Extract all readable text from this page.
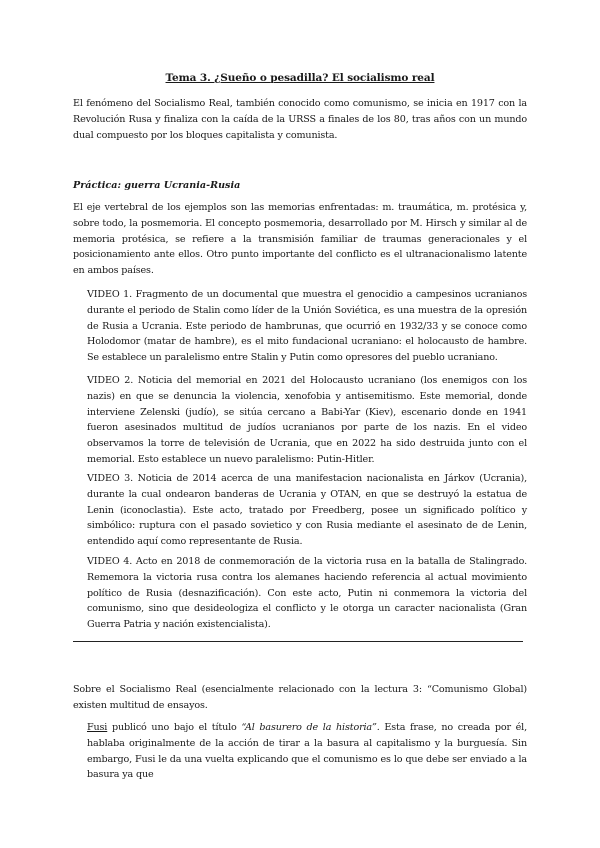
Tema 3. ¿Sueño o pesadilla? El socialismo real
El fenómeno del Socialismo Real, también conocido como comunismo, se inicia en 1917 con la Revolución Rusa y finaliza con la caída de la URSS a finales de los 80, tras años con un mundo dual compuesto por los bloques capitalista y comunista.
Práctica: guerra Ucrania-Rusia
El eje vertebral de los ejemplos son las memorias enfrentadas: m. traumática, m. protésica y, sobre todo, la posmemoria. El concepto posmemoria, desarrollado por M. Hirsch y similar al de memoria protésica, se refiere a la transmisión familiar de traumas generacionales y el posicionamiento ante ellos. Otro punto importante del conflicto es el ultranacionalismo latente en ambos países.
VIDEO 1. Fragmento de un documental que muestra el genocidio a campesinos ucranianos durante el periodo de Stalin como líder de la Unión Soviética, es una muestra de la opresión de Rusia a Ucrania. Este periodo de hambrunas, que ocurrió en 1932/33 y se conoce como Holodomor (matar de hambre), es el mito fundacional ucraniano: el holocausto de hambre. Se establece un paralelismo entre Stalin y Putin como opresores del pueblo ucraniano.
VIDEO 2. Noticia del memorial en 2021 del Holocausto ucraniano (los enemigos con los nazis) en que se denuncia la violencia, xenofobia y antisemitismo. Este memorial, donde interviene Zelenski (judío), se sitúa cercano a Babi-Yar (Kiev), escenario donde en 1941 fueron asesinados multitud de judíos ucranianos por parte de los nazis. En el video observamos la torre de televisión de Ucrania, que en 2022 ha sido destruida junto con el memorial. Esto establece un nuevo paralelismo: Putin-Hitler.
VIDEO 3. Noticia de 2014 acerca de una manifestacion nacionalista en Járkov (Ucrania), durante la cual ondearon banderas de Ucrania y OTAN, en que se destruyó la estatua de Lenin (iconoclastia). Este acto, tratado por Freedberg, posee un significado político y simbólico: ruptura con el pasado sovietico y con Rusia mediante el asesinato de de Lenin, entendido aquí como representante de Rusia.
VIDEO 4. Acto en 2018 de conmemoración de la victoria rusa en la batalla de Stalingrado. Rememora la victoria rusa contra los alemanes haciendo referencia al actual movimiento político de Rusia (desnazificación). Con este acto, Putin ni conmemora la victoria del comunismo, sino que desideologiza el conflicto y le otorga un caracter nacionalista (Gran Guerra Patria y nación existencialista).
Sobre el Socialismo Real (esencialmente relacionado con la lectura 3: “Comunismo Global) existen multitud de ensayos.
Fusi publicó uno bajo el título “Al basurero de la historia”. Esta frase, no creada por él, hablaba originalmente de la acción de tirar a la basura al capitalismo y la burguesía. Sin embargo, Fusi le da una vuelta explicando que el comunismo es lo que debe ser enviado a la basura ya que
